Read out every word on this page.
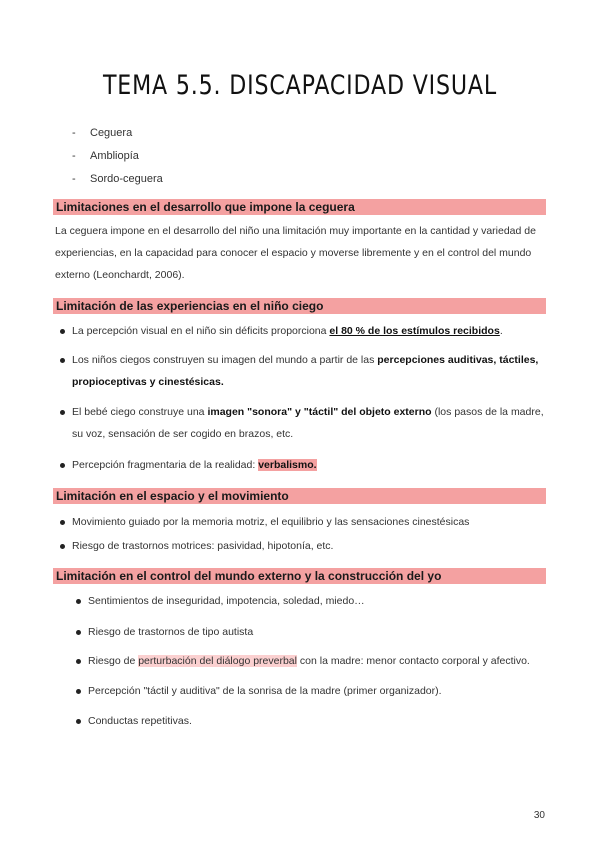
TEMA 5.5. DISCAPACIDAD VISUAL
- Ceguera
- Ambliopía
- Sordo-ceguera
Limitaciones en el desarrollo que impone la ceguera

La ceguera impone en el desarrollo del niño una limitación muy importante en la cantidad y variedad de experiencias, en la capacidad para conocer el espacio y moverse libremente y en el control del mundo externo (Leonchardt, 2006).

Limitación de las experiencias en el niño ciego
La percepción visual en el niño sin déficits proporciona el 80 % de los estímulos recibidos.
Los niños ciegos construyen su imagen del mundo a partir de las percepciones auditivas, táctiles, propioceptivas y cinestésicas.
El bebé ciego construye una imagen "sonora" y "táctil" del objeto externo (los pasos de la madre, su voz, sensación de ser cogido en brazos, etc.
Percepción fragmentaria de la realidad: verbalismo.
Limitación en el espacio y el movimiento
Movimiento guiado por la memoria motriz, el equilibrio y las sensaciones cinestésicas
Riesgo de trastornos motrices: pasividad, hipotonía, etc.
Limitación en el control del mundo externo y la construcción del yo
Sentimientos de inseguridad, impotencia, soledad, miedo…
Riesgo de trastornos de tipo autista
Riesgo de perturbación del diálogo preverbal con la madre: menor contacto corporal y afectivo.
Percepción "táctil y auditiva" de la sonrisa de la madre (primer organizador).
Conductas repetitivas.
30
